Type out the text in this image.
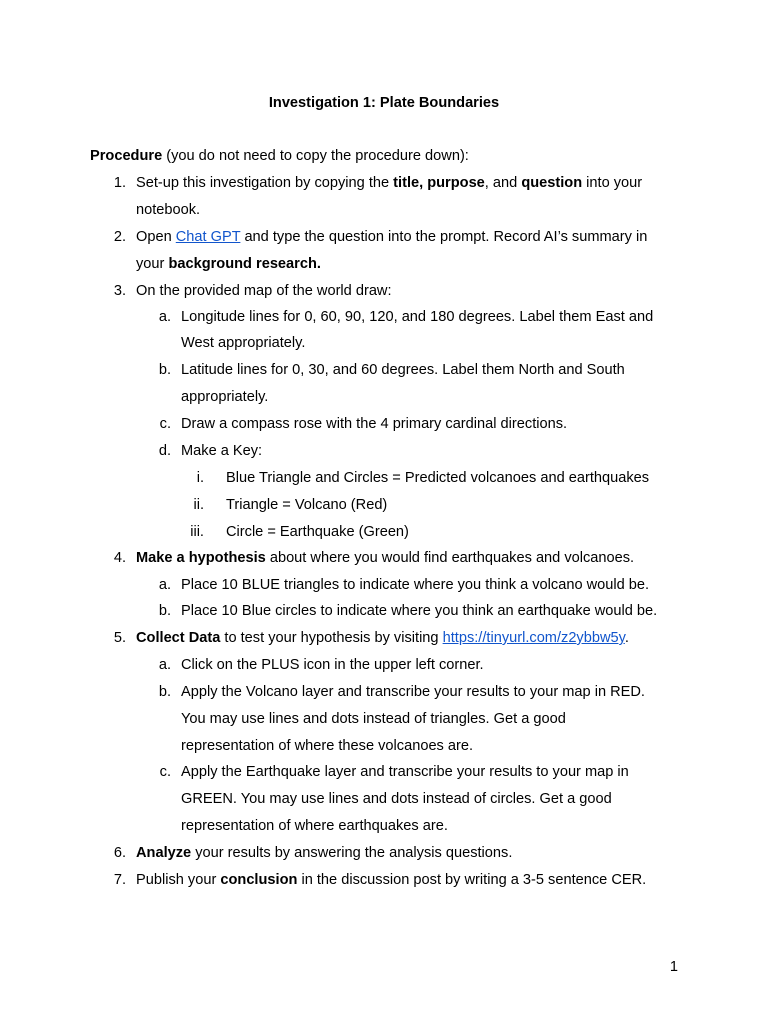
Investigation 1: Plate Boundaries
Procedure (you do not need to copy the procedure down):
1. Set-up this investigation by copying the title, purpose, and question into your
notebook.
2. Open Chat GPT and type the question into the prompt. Record AI’s summary in
your background research.
3. On the provided map of the world draw:
a. Longitude lines for 0, 60, 90, 120, and 180 degrees. Label them East and
West appropriately.
b. Latitude lines for 0, 30, and 60 degrees. Label them North and South
appropriately.
c. Draw a compass rose with the 4 primary cardinal directions.
d. Make a Key:
i. Blue Triangle and Circles = Predicted volcanoes and earthquakes
ii. Triangle = Volcano (Red)
iii. Circle = Earthquake (Green)
4. Make a hypothesis about where you would find earthquakes and volcanoes.
a. Place 10 BLUE triangles to indicate where you think a volcano would be.
b. Place 10 Blue circles to indicate where you think an earthquake would be.
5. Collect Data to test your hypothesis by visiting https://tinyurl.com/z2ybbw5y.
a. Click on the PLUS icon in the upper left corner.
b. Apply the Volcano layer and transcribe your results to your map in RED.
You may use lines and dots instead of triangles. Get a good
representation of where these volcanoes are.
c. Apply the Earthquake layer and transcribe your results to your map in
GREEN. You may use lines and dots instead of circles. Get a good
representation of where earthquakes are.
6. Analyze your results by answering the analysis questions.
7. Publish your conclusion in the discussion post by writing a 3-5 sentence CER.
1
